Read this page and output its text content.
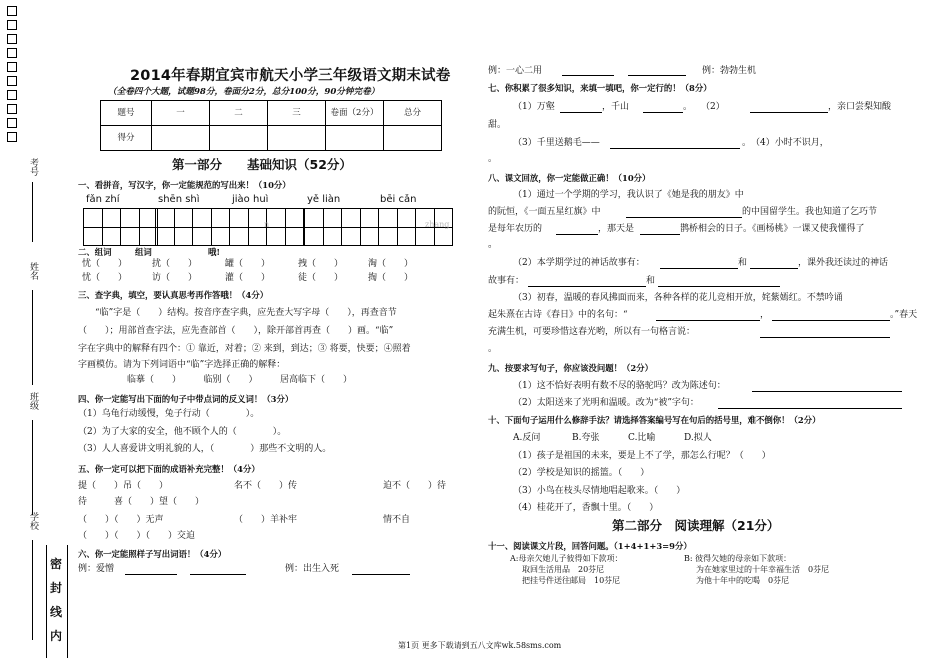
考号
姓名
班级
学校
密
封
线
内
2014年春期宜宾市航天小学三年级语文期末试卷
（全卷四个大题，试题98分，卷面分2分，总分100分，90分钟完卷）
题号	一	二	三	卷面（2分）	总分
得分					
第一部分　　基础知识（52分）
一、看拼音，写汉字，你一定能规范的写出来！（10分）
fǎn zhí	shēn shì	jiào huì	yě liàn	bēi cǎn
n	zhang
二、组词	组词	哦!
忧（　　）	扰（　　）	罐（　　）	拽（　　）	淘（　　）
忧（　　）	访（　　）	灌（　　）	徒（　　）	掏（　　）
三、查字典，填空，要认真思考再作答哦！（4分）
“临”字是（　　）结构。按音序查字典，应先查大写字母（　　），再查音节
（　　）；用部首查字法，应先查部首（　　），除开部首再查（　　）画。“临”
字在字典中的解释有四个：① 靠近，对着；② 来到，到达；③ 将要，快要；④照着
字画模仿。请为下列词语中“临”字选择正确的解释：
临摹（　　）　　　临别（　　）　　　居高临下（　　）
四、你一定能写出下面的句子中带点词的反义词！（3分）
（1）乌龟行动缓慢，兔子行动（　　　　）。
（2）为了大家的安全，他不顾个人的（　　　　）。
（3）人人喜爱讲文明礼貌的人，（　　　　）那些不文明的人。
五、你一定可以把下面的成语补充完整！（4分）
提（　　）吊（　　）	名不（　　）传	迫不（　　）待
待　　　喜（　　）望（　　）
（　　）（　　）无声	（　　）羊补牢	情不自
（　　）（　　）（　　）交迫
六、你一定能照样子写出词语！（4分）
例：爱憎	例：出生入死
例：一心二用	例：勃勃生机
七、你积累了很多知识，来填一填吧，你一定行的！（8分）
（1）万壑	，千山	。　　（2）	，亲口尝梨知酸
甜。
（3）千里送鹅毛——	。　（4）小时不识月，
。
八、课文回放，你一定能做正确！（10分）
（1）通过一个学期的学习，我认识了《她是我的朋友》中
的阮恒，《一面五星红旗》中	的中国留学生。我也知道了乞巧节
是每年农历的	，那天是	鹊桥相会的日子。《画杨桃》一课又使我懂得了
。
（2）本学期学过的神话故事有：	和	，课外我还读过的神话
故事有：	和
（3）初春，温暖的春风拂面而来，各种各样的花儿竞相开放，姹紫嫣红。不禁吟诵
起朱熹在古诗《春日》中的名句：“	，	。”春天
充满生机，可要珍惜这春光哟，所以有一句格言说：
。
九、按要求写句子，你应该没问题！（2分）
（1）这不恰好表明有数不尽的骆驼吗？改为陈述句：
（2）太阳送来了光明和温暖。改为“被”字句：
十、下面句子运用什么修辞手法？请选择答案编号写在句后的括号里，难不倒你！（2分）
A.反问	B.夸张	C.比喻	D.拟人
（1）孩子是祖国的未来，要是上不了学，那怎么行呢？（　　）
（2）学校是知识的摇篮。（　　）
（3）小鸟在枝头尽情地唱起歌来。（　　）
（4）桂花开了，香飘十里。（　　）
第二部分　阅读理解（21分）
十一、阅读课文片段，回答问题。（1+4+1+3=9分）
A:母亲欠她儿子彼得如下款项：
取回生活用品　20芬尼
把挂号件送往邮局　10芬尼
B: 彼得欠她的母亲如下款项：
为在她家里过的十年幸福生活　0芬尼
为他十年中的吃喝　0芬尼
第1页 更多下载请到五八文库wk.58sms.com
